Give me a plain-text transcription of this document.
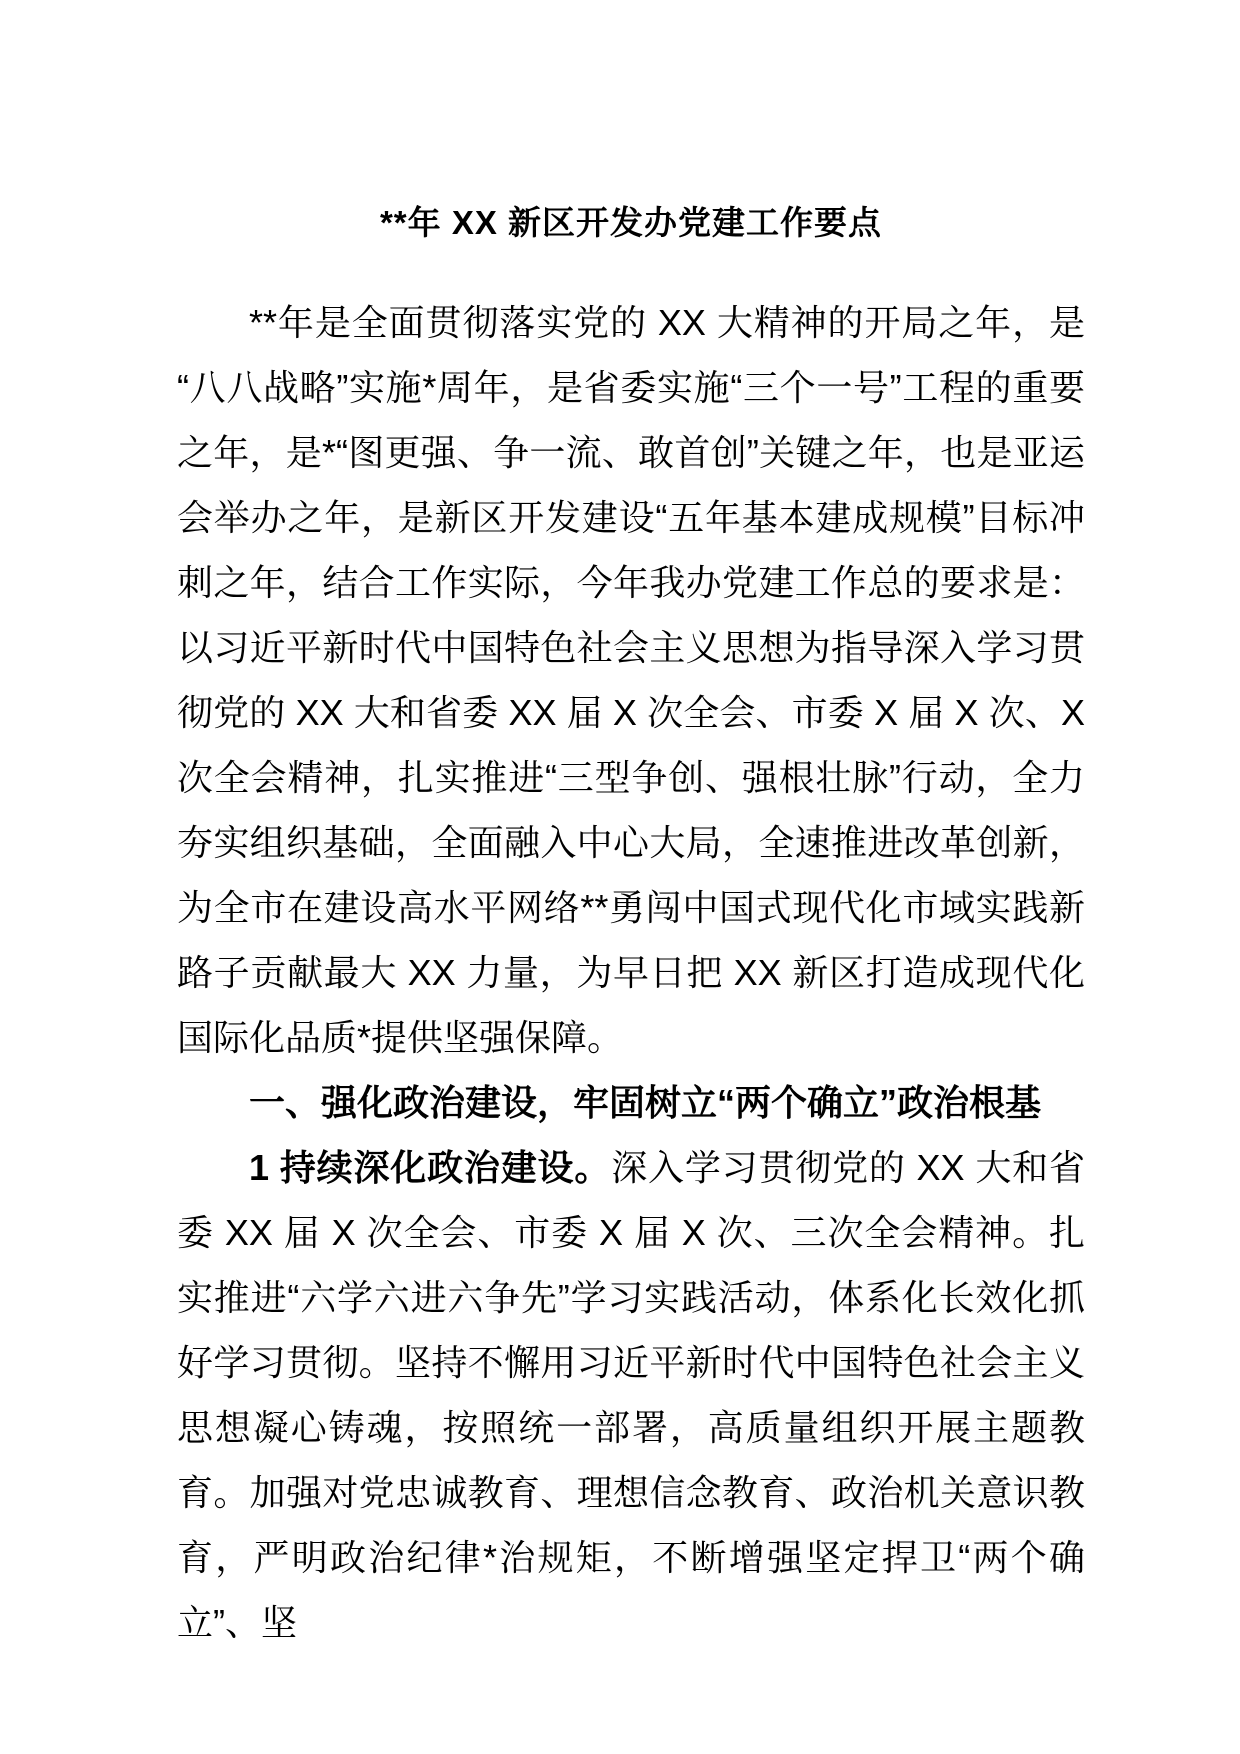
**年 XX 新区开发办党建工作要点

**年是全面贯彻落实党的 XX 大精神的开局之年，是“八八战略”实施*周年，是省委实施“三个一号”工程的重要之年，是*“图更强、争一流、敢首创”关键之年，也是亚运会举办之年，是新区开发建设“五年基本建成规模”目标冲刺之年，结合工作实际，今年我办党建工作总的要求是：以习近平新时代中国特色社会主义思想为指导深入学习贯彻党的 XX 大和省委 XX 届 X 次全会、市委 X 届 X 次、X 次全会精神，扎实推进“三型争创、强根壮脉”行动，全力夯实组织基础，全面融入中心大局，全速推进改革创新，为全市在建设高水平网络**勇闯中国式现代化市域实践新路子贡献最大 XX 力量，为早日把 XX 新区打造成现代化国际化品质*提供坚强保障。

一、强化政治建设，牢固树立“两个确立”政治根基

1 持续深化政治建设。深入学习贯彻党的 XX 大和省委 XX 届 X 次全会、市委 X 届 X 次、三次全会精神。扎实推进“六学六进六争先”学习实践活动，体系化长效化抓好学习贯彻。坚持不懈用习近平新时代中国特色社会主义思想凝心铸魂，按照统一部署，高质量组织开展主题教育。加强对党忠诚教育、理想信念教育、政治机关意识教育，严明政治纪律*治规矩，不断增强坚定捍卫“两个确立”、坚
